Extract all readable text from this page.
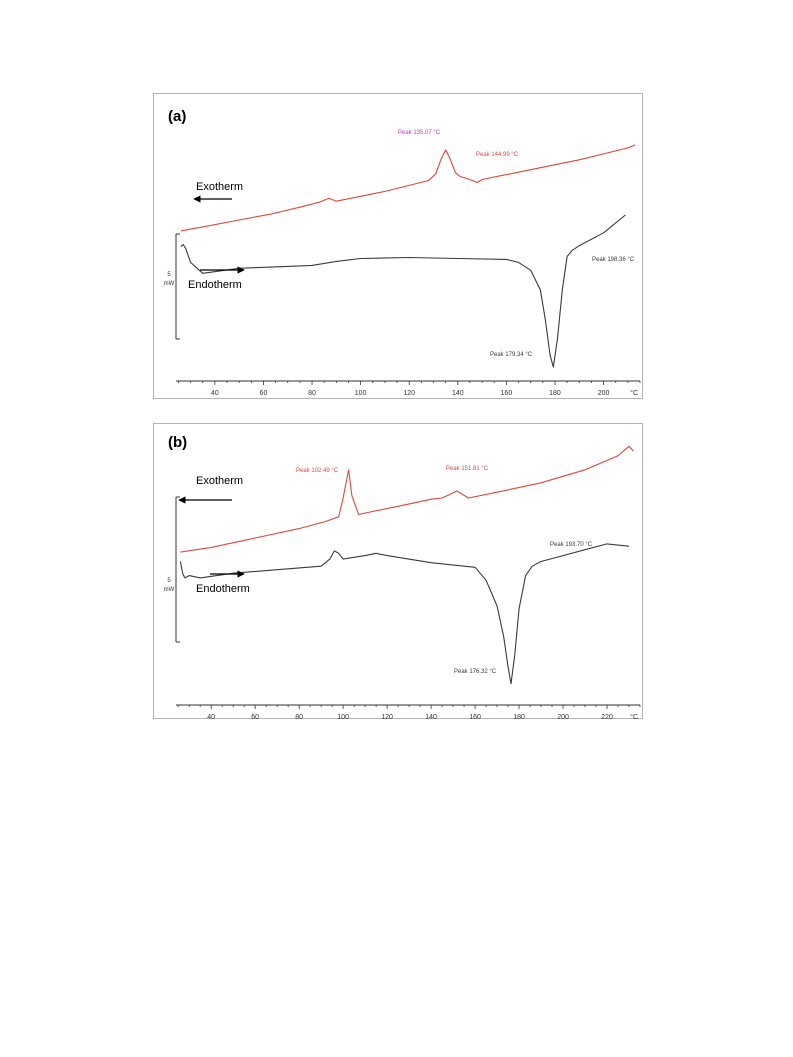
(a)
40	60	80	100	120	140	160	180	200	°C
5
mW
Exotherm
Endotherm
Peak 135.07 °C
Peak 144.99 °C
Peak 198.36 °C
Peak 179.34 °C
(b)
40	60	80	100	120	140	160	180	200	220 °C
5
mW
Exotherm
Endotherm
Peak 102.49 °C	Peak 151.81 °C
Peak 193.70 °C
Peak 176.32 °C
